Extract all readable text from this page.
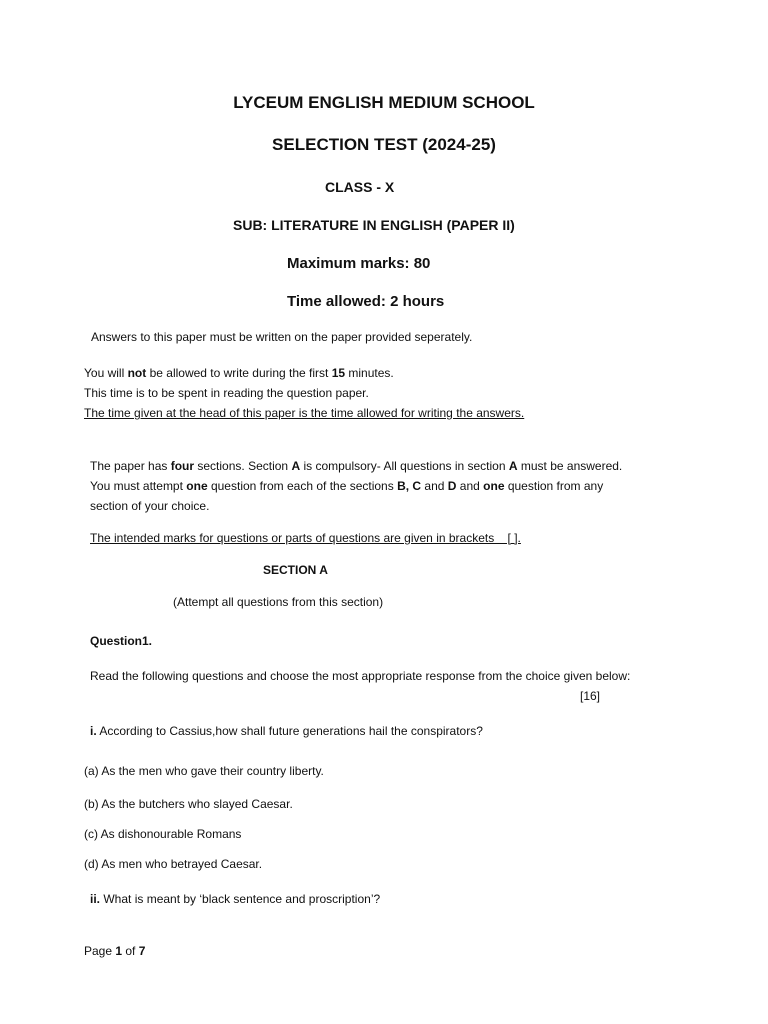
LYCEUM ENGLISH MEDIUM SCHOOL
SELECTION TEST (2024-25)
CLASS - X
SUB: LITERATURE IN ENGLISH (PAPER II)
Maximum marks: 80
Time allowed: 2 hours
Answers to this paper must be written on the paper provided seperately.
You will not be allowed to write during the first 15 minutes.
This time is to be spent in reading the question paper.
The time given at the head of this paper is the time allowed for writing the answers.
The paper has four sections. Section A is compulsory- All questions in section A must be answered.
You must attempt one question from each of the sections B, C and D and one question from any
section of your choice.
The intended marks for questions or parts of questions are given in brackets    [ ].
SECTION A
(Attempt all questions from this section)
Question1.
Read the following questions and choose the most appropriate response from the choice given below:
[16]
i. According to Cassius,how shall future generations hail the conspirators?
(a) As the men who gave their country liberty.
(b) As the butchers who slayed Caesar.
(c) As dishonourable Romans
(d) As men who betrayed Caesar.
ii. What is meant by ‘black sentence and proscription’?
Page 1 of 7
